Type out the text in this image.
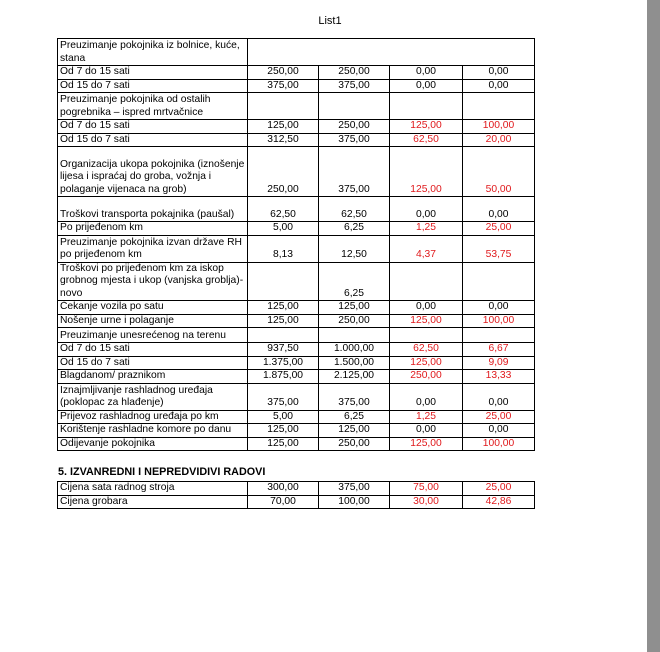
List1
Preuzimanje pokojnika iz bolnice, kuće, stana				
Od 7 do 15 sati	250,00	250,00	0,00	0,00
Od 15 do 7 sati	375,00	375,00	0,00	0,00
Preuzimanje pokojnika od ostalih pogrebnika – ispred mrtvačnice				
Od 7 do 15 sati	125,00	250,00	125,00	100,00
Od 15 do 7 sati	312,50	375,00	62,50	20,00
Organizacija ukopa pokojnika (iznošenje lijesa i ispraćaj do groba, vožnja i polaganje vijenaca na grob)	250,00	375,00	125,00	50,00
Troškovi transporta pokajnika (paušal)	62,50	62,50	0,00	0,00
Po prijeđenom km	5,00	6,25	1,25	25,00
Preuzimanje pokojnika izvan države RH po prijeđenom km	8,13	12,50	4,37	53,75
Troškovi po prijeđenom km za iskop grobnog mjesta i ukop (vanjska groblja)- novo		6,25		
Čekanje vozila po satu	125,00	125,00	0,00	0,00
Nošenje urne i polaganje	125,00	250,00	125,00	100,00
Preuzimanje unesrećenog na terenu				
Od 7 do 15 sati	937,50	1.000,00	62,50	6,67
Od 15 do 7 sati	1.375,00	1.500,00	125,00	9,09
Blagdanom/ praznikom	1.875,00	2.125,00	250,00	13,33
Iznajmljivanje rashladnog uređaja (poklopac za hlađenje)	375,00	375,00	0,00	0,00
Prijevoz rashladnog uređaja po km	5,00	6,25	1,25	25,00
Korištenje rashladne komore po danu	125,00	125,00	0,00	0,00
Odijevanje pokojnika	125,00	250,00	125,00	100,00
5. IZVANREDNI I NEPREDVIDIVI RADOVI
Cijena sata radnog stroja	300,00	375,00	75,00	25,00
Cijena grobara	70,00	100,00	30,00	42,86
